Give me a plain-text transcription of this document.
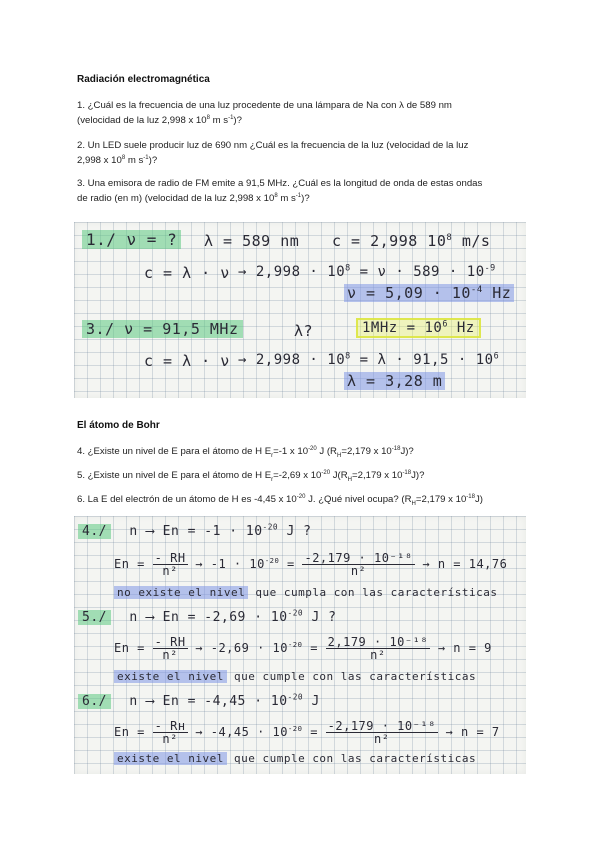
Radiación electromagnética
1. ¿Cuál es la frecuencia de una luz procedente de una lámpara de Na con λ de 589 nm
(velocidad de la luz 2,998 x $10^8$ m $s^{-1}$)?
2. Un LED suele producir luz de 690 nm ¿Cuál es la frecuencia de la luz (velocidad de la luz
2,998 x $10^8$ m $s^{-1}$)?
3. Una emisora de radio de FM emite a 91,5 MHz. ¿Cuál es la longitud de onda de estas ondas
de radio (en m) (velocidad de la luz 2,998 x $10^8$ m $s^{-1}$)?
1./ ν = ? λ = 589 nm c = 2,998 $10^8$ m/s
$c = \lambda \cdot \nu \to 2,998 \cdot 10^8 = \nu \cdot 589 \cdot 10^{-9}$
$\nu = 5,09 \cdot 10^{-4}$ Hz
3./ ν = 91,5 MHz	λ?	$1MHz = 10^6$ Hz
$c = \lambda \cdot \nu \to 2,998 \cdot 10^8 = \lambda \cdot 91,5 \cdot 10^6$
λ = 3,28 m
El átomo de Bohr
4. ¿Existe un nivel de E para el átomo de H $E_r=-1$ x $10^{-20}$ J ($R_H=2,179$ x $10^{-18}J$)?
5. ¿Existe un nivel de E para el átomo de H $E_r=-2,69$ x $10^{-20}$ $J(R_H=2,179$ x $10^{-18}J$)?
6. La E del electrón de un átomo de H es -4,45 x $10^{-20}$ J. ¿Qué nivel ocupa? ($R_H=2,179$ x $10^{-18}J$)
4./ n ⟶ $En = -1 \cdot 10^{-20}$ J ?
$En = \frac{- RH}{\text{n²}} \to -1 \cdot 10^{-20} = \frac{\text{-2,179 · 10⁻¹⁸}}{\text{n²}} \to n = 14,76$
no existe el nivel que cumpla con las características
5./ n ⟶ $En = -2,69 \cdot 10^{-20}$ J ?
$En = \frac{- RH}{\text{n²}} \to -2,69 \cdot 10^{-20} = \frac{\text{2,179 · 10⁻¹⁸}}{\text{n²}} \to n = 9$
existe el nivel que cumple con las características
6./ n ⟶ $En = -4,45 \cdot 10^{-20}$ J
$En = \frac{- Rн}{\text{n²}} \to -4,45 \cdot 10^{-20} = \frac{\text{-2,179 · 10⁻¹⁸}}{\text{n²}} \to n = 7$
existe el nivel que cumple con las características
